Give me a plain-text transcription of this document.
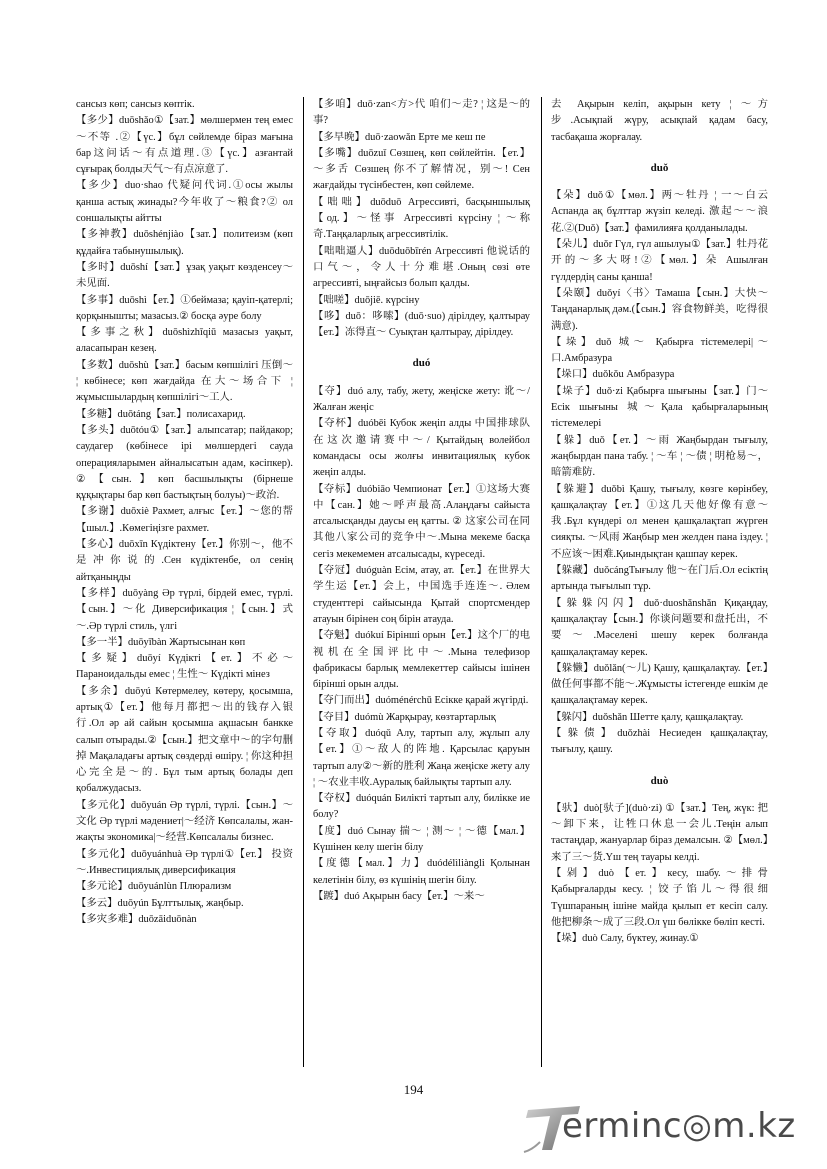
сансыз көп; сансыз көптік.
【多少】duōshǎo①【зат.】мөлшермен тең емес～不等 .②【үс.】бұл сөйлемде біраз мағына бар这问话～有点道理.③【үс.】азғантай сұғырақ болды天气～有点凉意了.
【多少】duo·shao 代疑问代词.①осы жылы қанша астық жинады?今年收了～粮食?② ол соншалықты айтты
【多神教】duōshénjiào【зат.】политеизм (көп құдайға табынушылық).
【多时】duōshí【зат.】ұзақ уақыт көзденсеу～未见面.
【多事】duōshì【ет.】①беймаза; қауіп-қатерлі; қорқынышты; мазасыз.② босқа әуре болу
【多事之秋】duōshìzhīqiū мазасыз уақыт, аласапыран кезең.
【多数】duōshù【зат.】басым көпшілігі 压倒～ ¦ көбінесе; көп жағдайда 在大～场合下 ¦ жұмысшылардың көпшілігі～工人.
【多糖】duōtáng【зат.】полисахарид.
【多头】duōtóu①【зат.】алыпсатар; пайдакор; саудагер (көбінесе ірі мөлшердегі сауда операцияларымен айналысатын адам, кәсіпкер). ②【сын.】көп басшылықты (бірнеше құқықтары бар көп бастықтың болуы)～政治.
【多谢】duōxiè Рахмет, алғыс【ет.】～您的帮【шыл.】.Көмегіңізге рахмет.
【多心】duōxīn Күдіктену【ет.】你别～，他不是冲你说的.Сен күдіктенбе, ол сенің айтқаныңды
【多样】duōyàng Әр түрлі, бірдей емес, түрлі.【сын.】～化 Диверсификация ¦【сын.】式～.Әр түрлі стиль, үлгі
【多一半】duōyībàn Жартысынан көп
【多疑】duōyí Күдікті【ет.】不必～ Параноидальды емес ¦ 生性～ Күдікті мінез
【多余】duōyú Көтермелеу, көтеру, қосымша, артық①【ет.】他每月都把～出的钱存入银行.Ол әр ай сайын қосымша ақшасын банкке салып отырады.②【сын.】把文章中～的字句删掉 Мақаладағы артық сөздерді өшіру. ¦ 你这种担心完全是～的. Бұл тым артық болады деп қобалжудасыз.
【多元化】duōyuán Әр түрлі, түрлі.【сын.】～文化 Әр түрлі мәдениет|～经济 Көпсалалы, жан-жақты экономика|～经营.Көпсалалы бизнес.
【多元化】duōyuánhuà Әр түрлі①【ет.】 投资～.Инвестициялық диверсификация
【多元论】duōyuánlùn Плюрализм
【多云】duōyún Бұлттылық, жаңбыр.
【多灾多难】duōzāiduōnàn
【多咱】duō·zan<方>代 咱们～走? ¦ 这是～的事?
【多早晚】duō·zaowǎn Ерте ме кеш пе
【多嘴】duōzuǐ Сөзшең, көп сөйлейтін.【ет.】～多舌 Сөзшең 你不了解情况，别～! Сен жағдайды түсінбестен, көп сөйлеме.
【咄咄】duōduō Агрессивті, басқыншылық【од.】～怪事 Агрессивті күрсіну ¦ ～称奇.Таңқаларлық агрессивтілік.
【咄咄逼人】duōduōbīrén Агрессивті 他说话的口气～，令人十分难堪.Оның сөзі өте агрессивті, ыңғайсыз болып қалды.
【咄嗟】duōjiē. күрсіну
【哆】duō：哆嗦】(duō·suo) дірілдеу, қалтырау【ет.】冻得直～ Суықтан қалтырау, дірілдеу.
duó
【夺】duó алу, табу, жету, жеңіске жету: 讹～/Жалған жеңіс
【夺杯】duóbēi Кубок жеңіп алды 中国排球队在这次邀请赛中～/ Қытайдың волейбол командасы осы жолғы инвитациялық кубок жеңіп алды.
【夺标】duóbiāo Чемпионат【ет.】①这场大赛中【сан.】她～呼声最高.Алаңдағы сайыста атсалысқанды даусы ең қатты. ② 这家公司在同其他八家公司的竞争中～.Мына мекеме басқа сегіз мекемемен атсалысады, күреседі.
【夺冠】duóguàn Есім, атау, ат.【ет.】在世界大学生运【ет.】会上，中国选手连连～. Әлем студенттері сайысында Қытай спортсмендер атауын бірінен соң бірін атауда.
【夺魁】duókuí Бірінші орын【ет.】这个厂的电视机在全国评比中～.Мына телефизор фабрикасы барлық мемлекеттер сайысы ішінен бірінші орын алды.
【夺门而出】duóménérchū Есікке қарай жүгірді.
【夺目】duómù Жарқырау, көзтартарлық
【夺取】duóqǔ Алу, тартып алу, жұлып алу【ет.】①～敌人的阵地. Қарсылас қаруын тартып алу②～新的胜利 Жаңа жеңіске жету алу ¦ ～农业丰收.Ауралық байлықты тартып алу.
【夺权】duóquán Билікті тартып алу, билікке ие болу?
【度】duó Сынау 揣～ ¦ 测～ ¦ ～德【мал.】Күшінен келу шегін білу
【度德【мал.】力】duódélìliàngli Қолынан келетінін білу, өз күшінің шегін білу.
【踱】duó Ақырын басу【ет.】～来～
去 Ақырын келіп, ақырын кету ¦ ～方步.Асықпай жүру, асықпай қадам басу, тасбақаша жорғалау.
duǒ
【朵】duǒ①【мөл.】两～牡丹 ¦ 一～白云 Аспанда ақ бұлттар жүзіп келеді. 激起～～浪花.②(Duǒ)【зат.】фамилияға қолданылады.
【朵儿】duǒr Гүл, гүл ашылуы①【зат.】牡丹花开的～多大呀!②【мөл.】朵 Ашылған гүлдердің саны қанша!
【朵颐】duǒyí〈书〉Тамаша【сын.】大快～ Таңданарлық дәм.(【сын.】容食物鲜美，吃得很满意).
【垛】duǒ 城～ Қабырға тістемелері|～口.Амбразура
【垛口】duǒkǒu Амбразура
【垛子】duǒ·zi Қабырға шығыны【зат.】门～ Есік шығыны 城～Қала қабырғаларының тістемелері
【躲】duǒ【ет.】～雨 Жаңбырдан тығылу, жаңбырдан пана табу. ¦ ～车 ¦ ～债 ¦ 明枪易～，暗箭难防.
【躲避】duǒbì Қашу, тығылу, көзге көрінбеу, қашқалақтау【ет.】①这几天他好像有意～我.Бұл күндері ол менен қашқалақтап жүрген сияқты. ～风雨 Жаңбыр мен желден пана іздеу. ¦ 不应该～困难.Қиындықтан қашпау керек.
【躲藏】duǒcángТығылу 他～在门后.Ол есіктің артында тығылып тұр.
【躲躲闪闪】duǒ·duoshǎnshǎn Қиқаңдау, қашқалақтау【сын.】你谈问题要和盘托出，不要～.Мәселені шешу керек болғанда қашқалақтамау керек.
【躲懒】duǒlǎn(～儿) Қашу, қашқалақтау.【ет.】做任何事都不能～.Жұмысты істегенде ешкім де қашқалақтамау керек.
【躲闪】duǒshǎn Шетте қалу, қашқалақтау.
【躲债】duǒzhài Несиеден қашқалақтау, тығылу, қашу.
duò
【驮】duò[驮子](duò·zi) ①【зат.】Тең, жүк: 把～卸下来，让牲口休息一会儿.Теңін алып тастаңдар, жануарлар біраз демалсын. ②【мөл.】来了三～货.Үш тең тауары келді.
【剁】duò【ет.】кесу, шабу.～排骨 Қабырғаларды кесу. ¦ 饺子馅儿～得很细 Түшпараның ішіне майда қылып ет кесіп салу. 他把柳条～成了三段.Ол үш бөлікке бөліп кесті.
【垛】duò Салу, бүктеу, жинау.①
194
erminc◎m.kz
